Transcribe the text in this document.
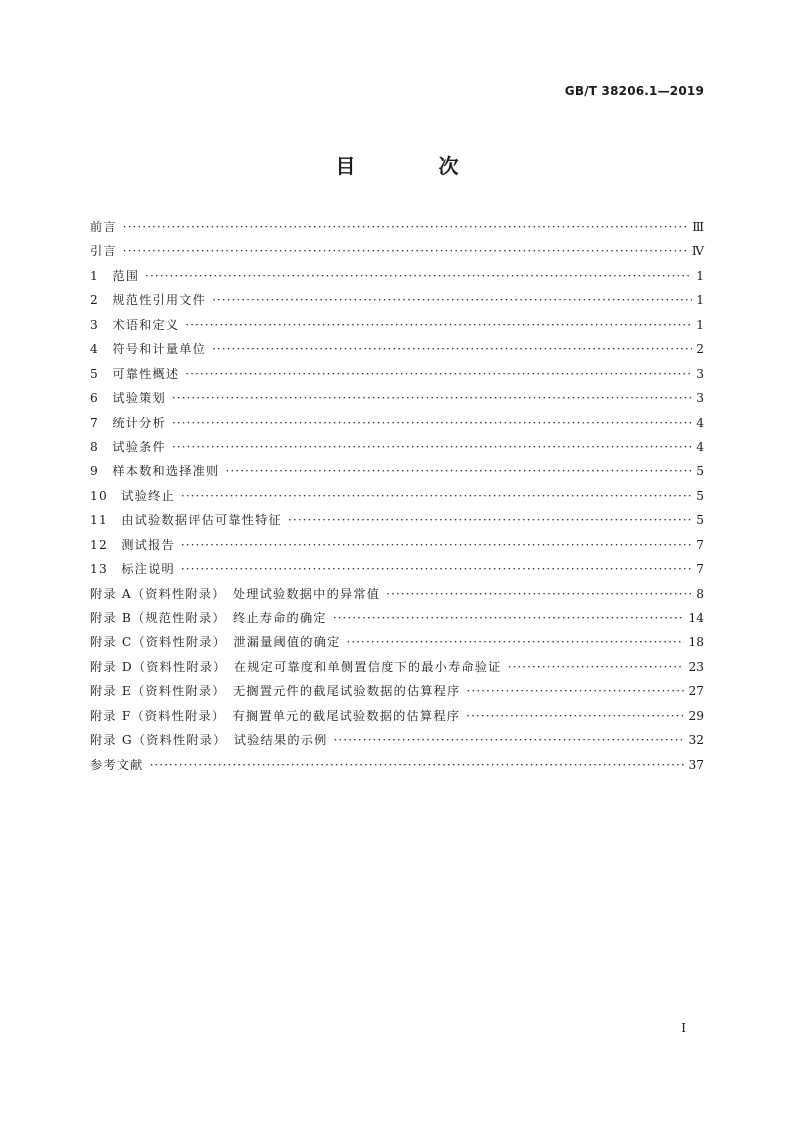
GB/T 38206.1—2019
目 次
前言 ·····	Ⅲ
引言 ·····	Ⅳ
1　范围 ·····	1
2　规范性引用文件 ·····	1
3　术语和定义 ·····	1
4　符号和计量单位 ·····	2
5　可靠性概述 ·····	3
6　试验策划 ·····	3
7　统计分析 ·····	4
8　试验条件 ·····	4
9　样本数和选择准则 ·····	5
10　试验终止 ·····	5
11　由试验数据评估可靠性特征 ·····	5
12　测试报告 ·····	7
13　标注说明 ·····	7
附录 A（资料性附录）　处理试验数据中的异常值 ·····	8
附录 B（规范性附录）　终止寿命的确定 ·····	14
附录 C（资料性附录）　泄漏量阈值的确定 ·····	18
附录 D（资料性附录）　在规定可靠度和单侧置信度下的最小寿命验证 ·····	23
附录 E（资料性附录）　无搁置元件的截尾试验数据的估算程序 ·····	27
附录 F（资料性附录）　有搁置单元的截尾试验数据的估算程序 ·····	29
附录 G（资料性附录）　试验结果的示例 ·····	32
参考文献 ·····	37
I
